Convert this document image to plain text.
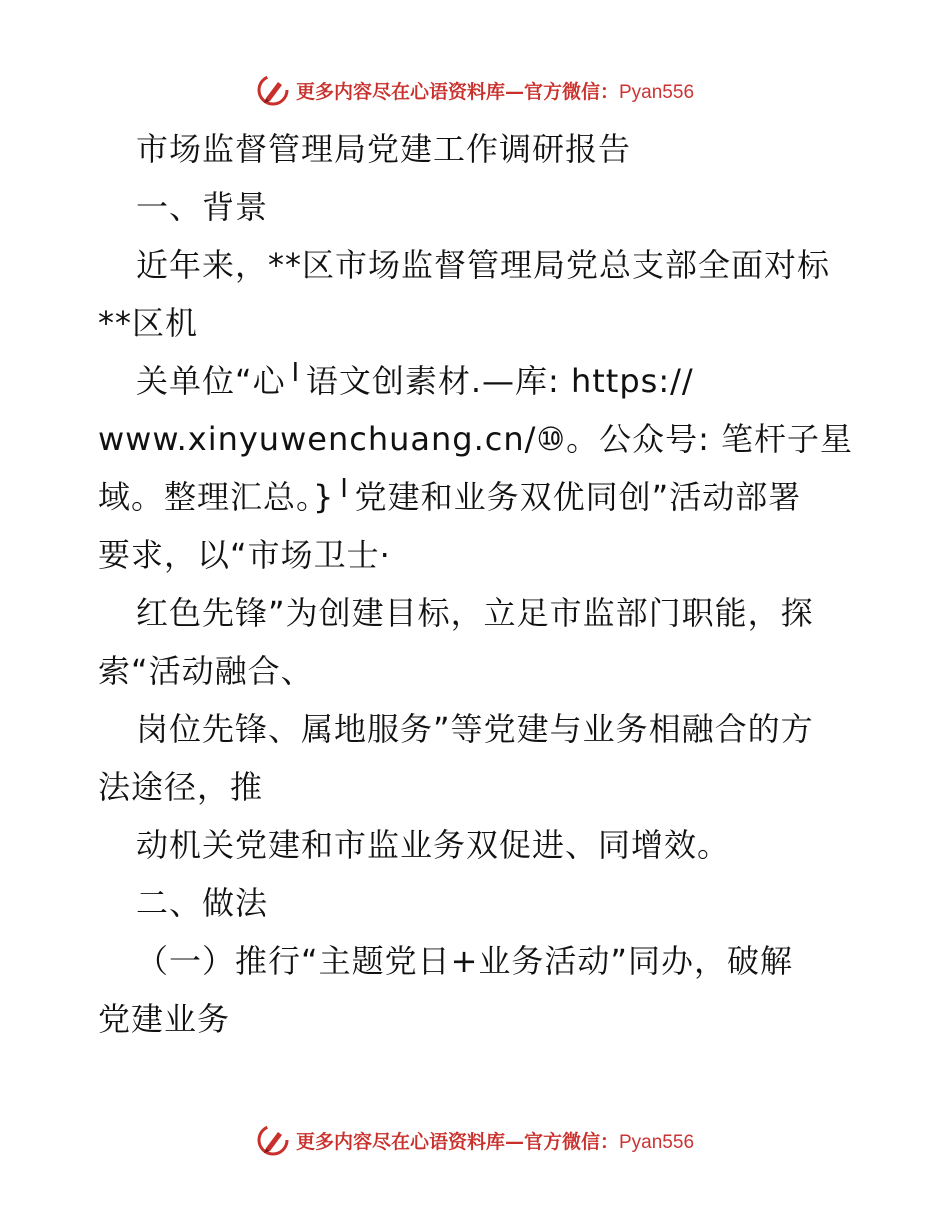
更多内容尽在心语资料库—官方微信：Pyan556
市场监督管理局党建工作调研报告
一、背景
近年来，**区市场监督管理局党总支部全面对标
**区机
关单位“心╵语文创素材.—库: https://
www.xinyuwenchuang.cn/⑩。公众号: 笔杆子星
域。整理汇总。}╵党建和业务双优同创”活动部署
要求，以“市场卫士·
红色先锋”为创建目标，立足市监部门职能，探
索“活动融合、
岗位先锋、属地服务”等党建与业务相融合的方
法途径，推
动机关党建和市监业务双促进、同增效。
二、做法
（一）推行“主题党日+业务活动”同办，破解
党建业务
更多内容尽在心语资料库—官方微信：Pyan556
